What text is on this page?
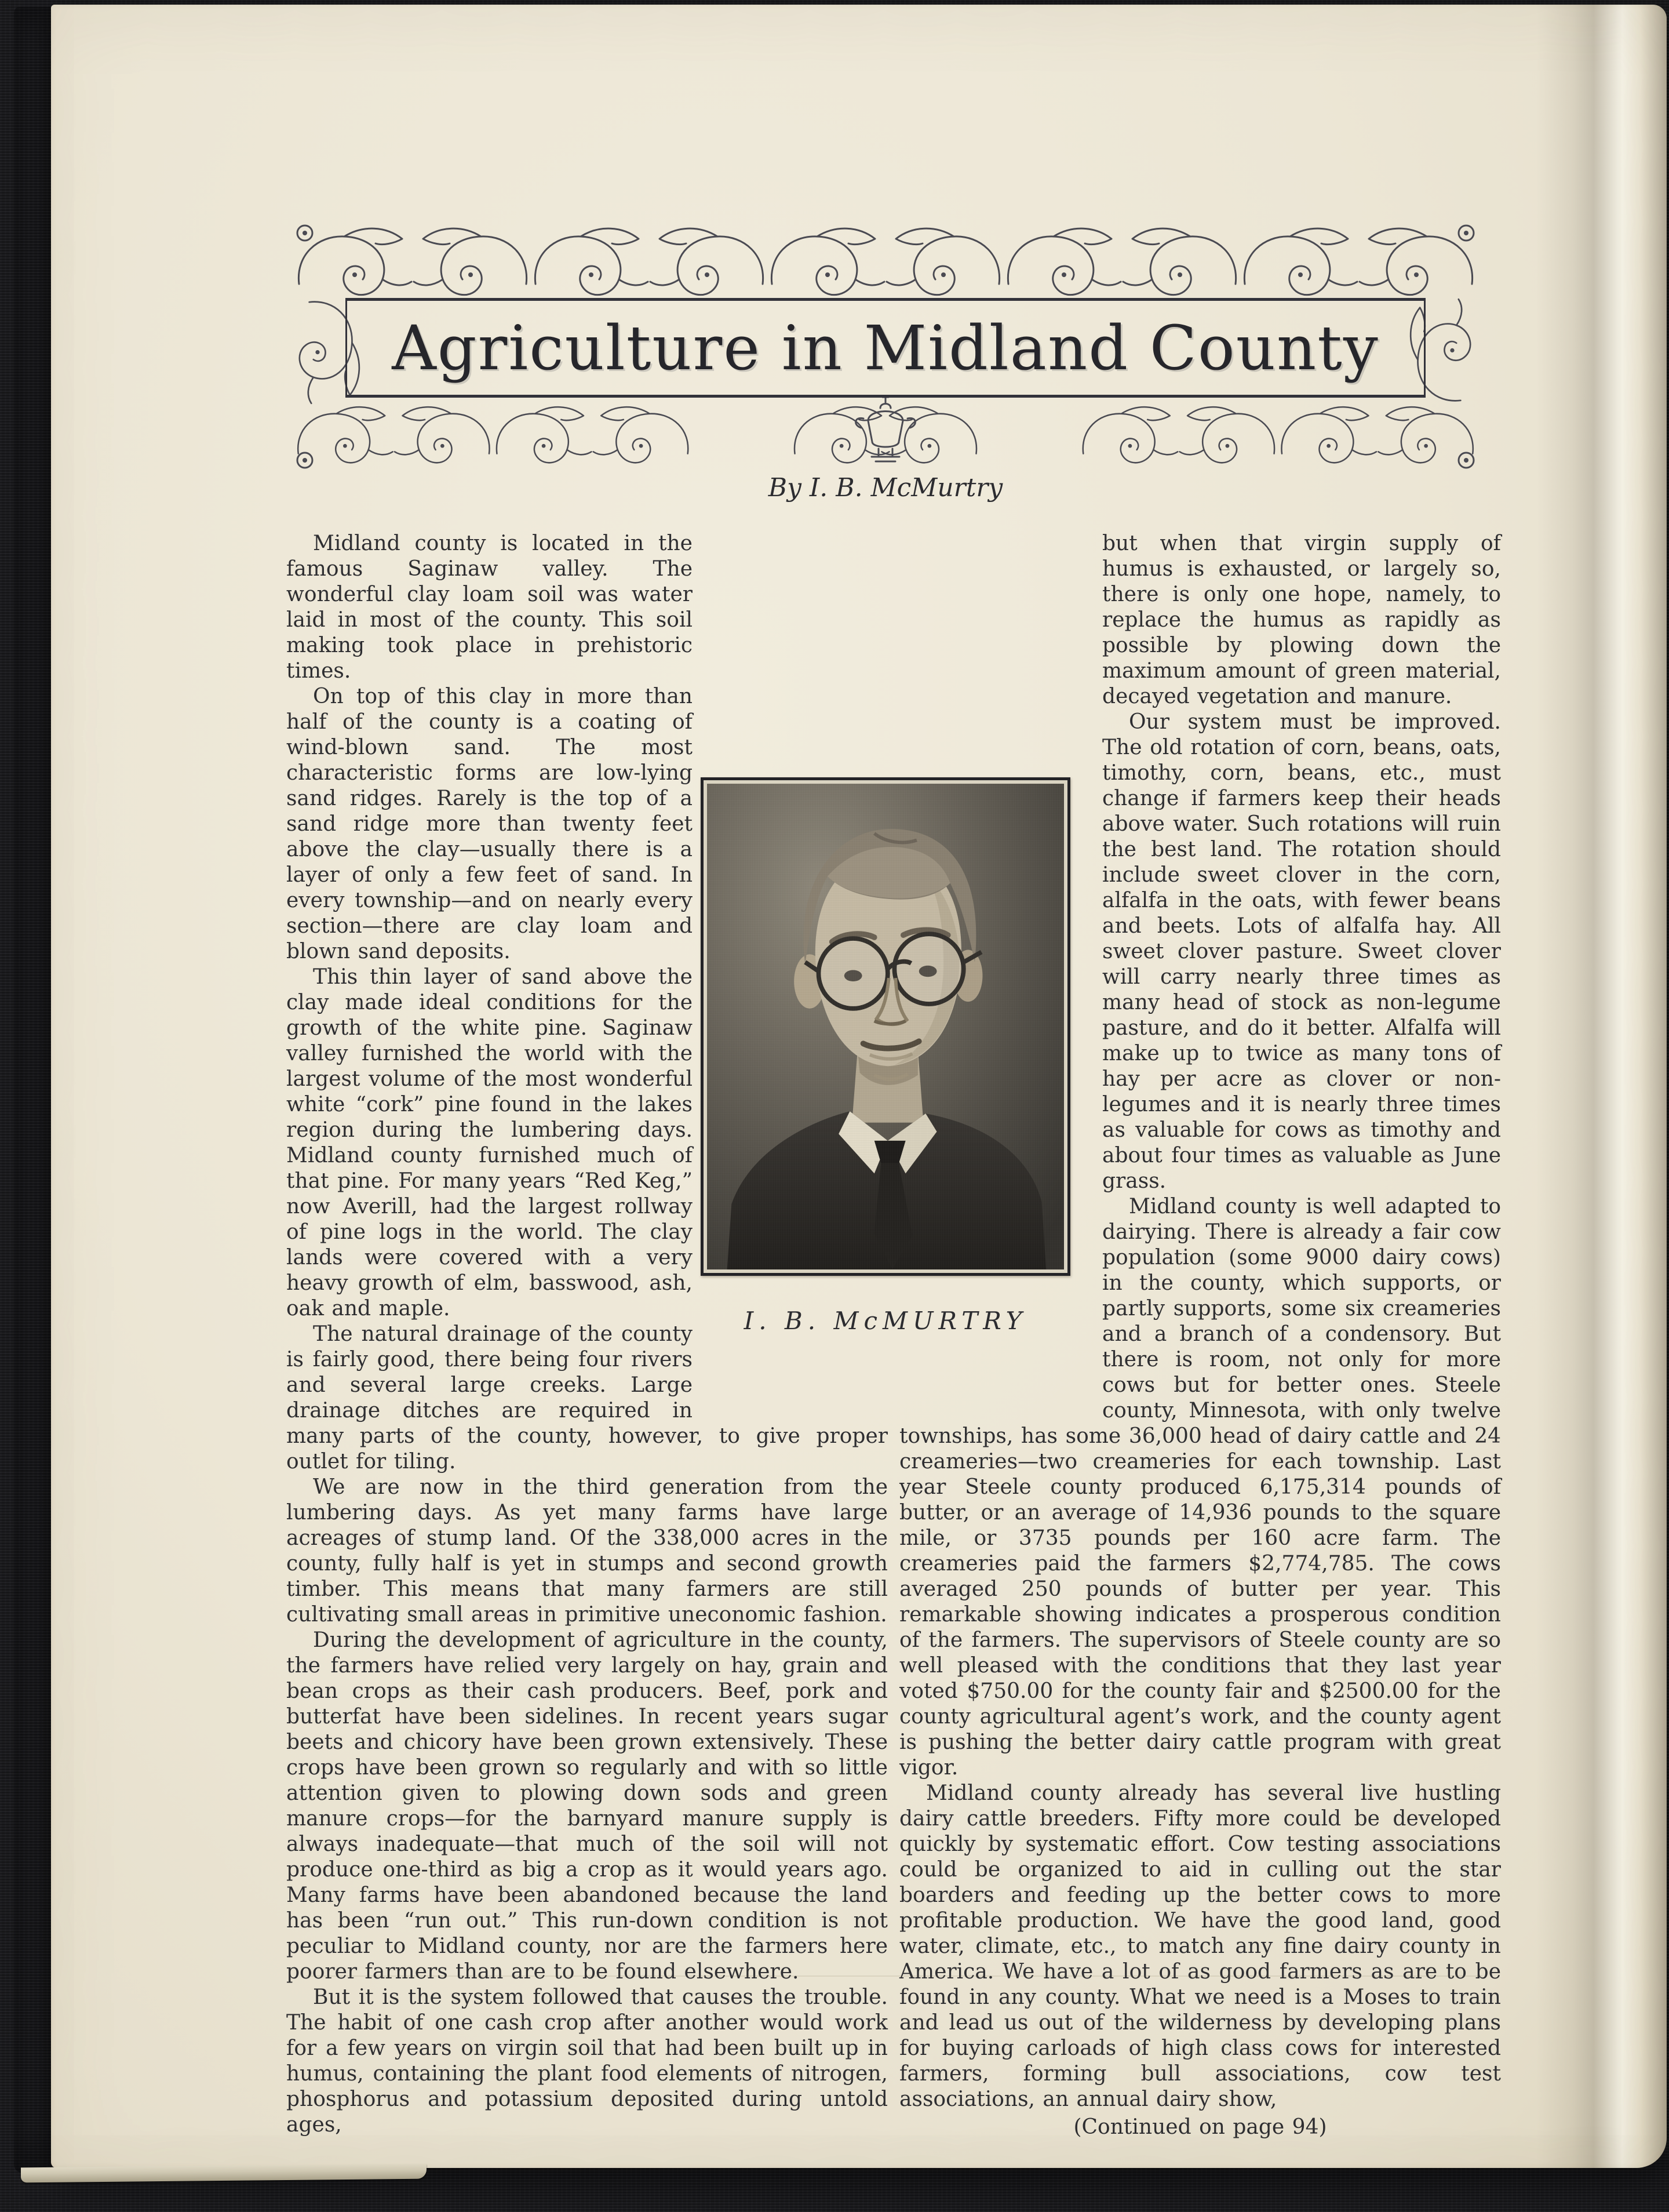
Agriculture in Midland County
By I. B. McMurtry

Midland county is located in the famous Saginaw valley. The wonderful clay loam soil was water laid in most of the county. This soil making took place in prehistoric times.

On top of this clay in more than half of the county is a coating of wind-blown sand. The most characteristic forms are low-lying sand ridges. Rarely is the top of a sand ridge more than twenty feet above the clay—usually there is a layer of only a few feet of sand. In every township—and on nearly every section—there are clay loam and blown sand deposits.

This thin layer of sand above the clay made ideal conditions for the growth of the white pine. Saginaw valley furnished the world with the largest volume of the most wonderful white “cork” pine found in the lakes region during the lumbering days. Midland county furnished much of that pine. For many years “Red Keg,” now Averill, had the largest rollway of pine logs in the world. The clay lands were covered with a very heavy growth of elm, basswood, ash, oak and maple.

The natural drainage of the county is fairly good, there being four rivers and several large creeks. Large drainage ditches are required in many parts of the county, however, to give proper outlet for tiling.

We are now in the third generation from the lumbering days. As yet many farms have large acreages of stump land. Of the 338,000 acres in the county, fully half is yet in stumps and second growth timber. This means that many farmers are still cultivating small areas in primitive uneconomic fashion.

During the development of agriculture in the county, the farmers have relied very largely on hay, grain and bean crops as their cash producers. Beef, pork and butterfat have been sidelines. In recent years sugar beets and chicory have been grown extensively. These crops have been grown so regularly and with so little attention given to plowing down sods and green manure crops—for the barnyard manure supply is always inadequate—that much of the soil will not produce one-third as big a crop as it would years ago. Many farms have been abandoned because the land has been “run out.” This run-down condition is not peculiar to Midland county, nor are the farmers here poorer farmers than are to be found elsewhere.

But it is the system followed that causes the trouble. The habit of one cash crop after another would work for a few years on virgin soil that had been built up in humus, containing the plant food elements of nitrogen, phosphorus and potassium deposited during untold ages,

but when that virgin supply of humus is exhausted, or largely so, there is only one hope, namely, to replace the humus as rapidly as possible by plowing down the maximum amount of green material, decayed vegetation and manure.

Our system must be improved. The old rotation of corn, beans, oats, timothy, corn, beans, etc., must change if farmers keep their heads above water. Such rotations will ruin the best land. The rotation should include sweet clover in the corn, alfalfa in the oats, with fewer beans and beets. Lots of alfalfa hay. All sweet clover pasture. Sweet clover will carry nearly three times as many head of stock as non-legume pasture, and do it better. Alfalfa will make up to twice as many tons of hay per acre as clover or non-legumes and it is nearly three times as valuable for cows as timothy and about four times as valuable as June grass.

Midland county is well adapted to dairying. There is already a fair cow population (some 9000 dairy cows) in the county, which supports, or partly supports, some six creameries and a branch of a condensory. But there is room, not only for more cows but for better ones. Steele county, Minnesota, with only twelve townships, has some 36,000 head of dairy cattle and 24 creameries—two creameries for each township. Last year Steele county produced 6,175,314 pounds of butter, or an average of 14,936 pounds to the square mile, or 3735 pounds per 160 acre farm. The creameries paid the farmers $2,774,785. The cows averaged 250 pounds of butter per year. This remarkable showing indicates a prosperous condition of the farmers. The supervisors of Steele county are so well pleased with the conditions that they last year voted $750.00 for the county fair and $2500.00 for the county agricultural agent’s work, and the county agent is pushing the better dairy cattle program with great vigor.

Midland county already has several live hustling dairy cattle breeders. Fifty more could be developed quickly by systematic effort. Cow testing associations could be organized to aid in culling out the star boarders and feeding up the better cows to more profitable production. We have the good land, good water, climate, etc., to match any fine dairy county in America. We have a lot of as good farmers as are to be found in any county. What we need is a Moses to train and lead us out of the wilderness by developing plans for buying carloads of high class cows for interested farmers, forming bull associations, cow test associations, an annual dairy show,

(Continued on page 94)

I. B. McMURTRY
